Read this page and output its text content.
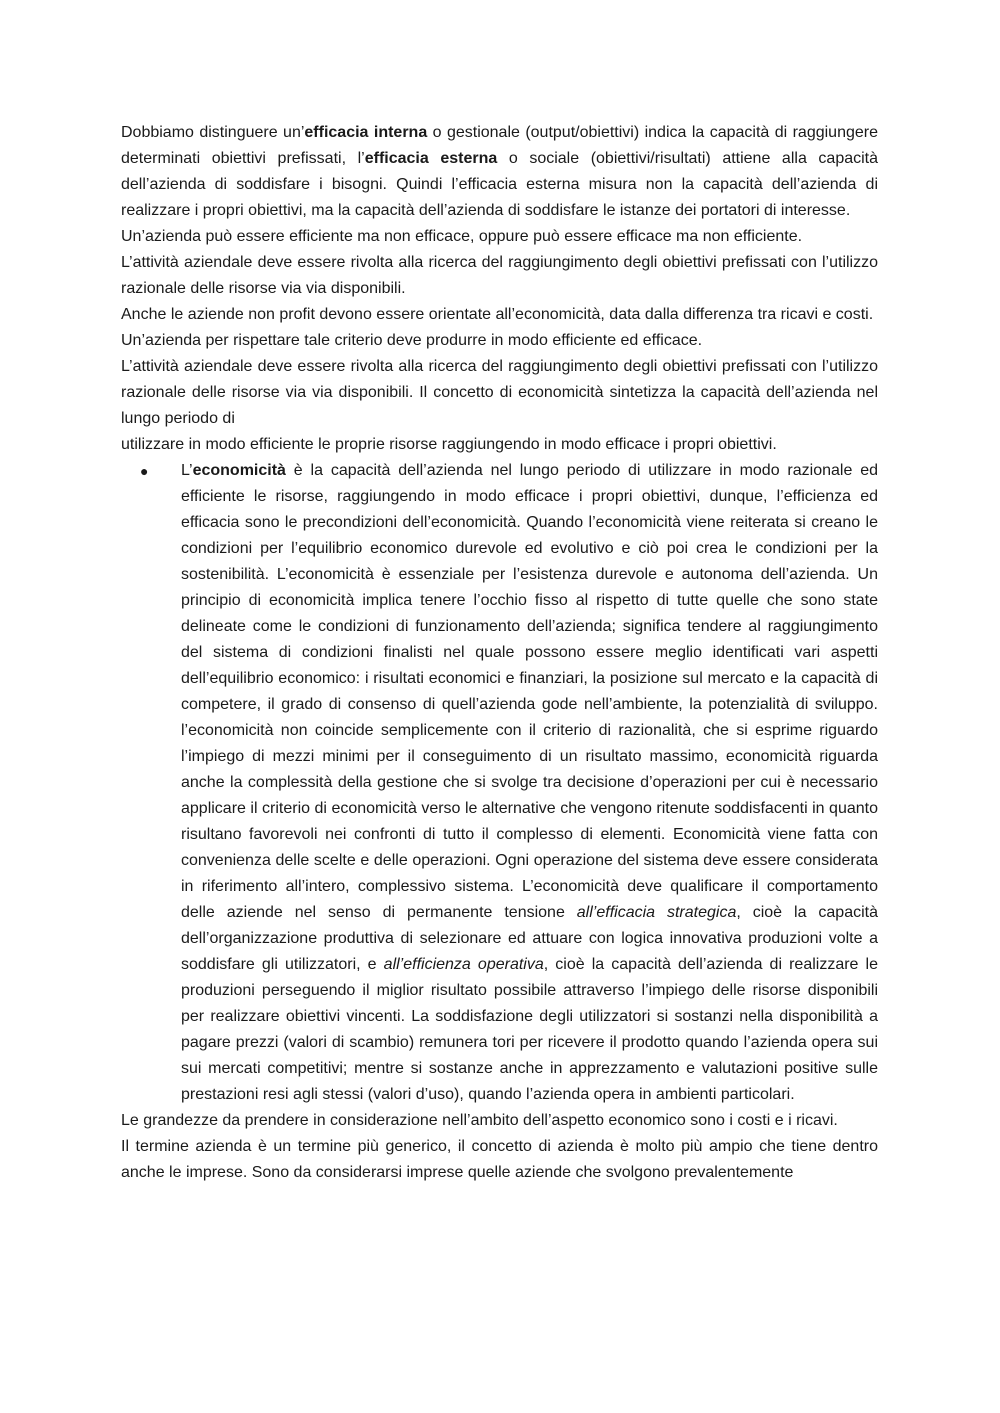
Dobbiamo distinguere un’efficacia interna o gestionale (output/obiettivi) indica la capacità di raggiungere determinati obiettivi prefissati, l’efficacia esterna o sociale (obiettivi/risultati) attiene alla capacità dell’azienda di soddisfare i bisogni. Quindi l’efficacia esterna misura non la capacità dell’azienda di realizzare i propri obiettivi, ma la capacità dell’azienda di soddisfare le istanze dei portatori di interesse.

Un’azienda può essere efficiente ma non efficace, oppure può essere efficace ma non efficiente.

L’attività aziendale deve essere rivolta alla ricerca del raggiungimento degli obiettivi prefissati con l’utilizzo razionale delle risorse via via disponibili.

Anche le aziende non profit devono essere orientate all’economicità, data dalla differenza tra ricavi e costi.

Un’azienda per rispettare tale criterio deve produrre in modo efficiente ed efficace.

L’attività aziendale deve essere rivolta alla ricerca del raggiungimento degli obiettivi prefissati con l’utilizzo razionale delle risorse via via disponibili. Il concetto di economicità sintetizza la capacità dell’azienda nel lungo periodo di

utilizzare in modo efficiente le proprie risorse raggiungendo in modo efficace i propri obiettivi.

● L’economicità è la capacità dell’azienda nel lungo periodo di utilizzare in modo razionale ed efficiente le risorse, raggiungendo in modo efficace i propri obiettivi, dunque, l’efficienza ed efficacia sono le precondizioni dell’economicità. Quando l’economicità viene reiterata si creano le condizioni per l’equilibrio economico durevole ed evolutivo e ciò poi crea le condizioni per la sostenibilità. L’economicità è essenziale per l’esistenza durevole e autonoma dell’azienda. Un principio di economicità implica tenere l’occhio fisso al rispetto di tutte quelle che sono state delineate come le condizioni di funzionamento dell’azienda; significa tendere al raggiungimento del sistema di condizioni finalisti nel quale possono essere meglio identificati vari aspetti dell’equilibrio economico: i risultati economici e finanziari, la posizione sul mercato e la capacità di competere, il grado di consenso di quell’azienda gode nell’ambiente, la potenzialità di sviluppo. l’economicità non coincide semplicemente con il criterio di razionalità, che si esprime riguardo l’impiego di mezzi minimi per il conseguimento di un risultato massimo, economicità riguarda anche la complessità della gestione che si svolge tra decisione d’operazioni per cui è necessario applicare il criterio di economicità verso le alternative che vengono ritenute soddisfacenti in quanto risultano favorevoli nei confronti di tutto il complesso di elementi. Economicità viene fatta con convenienza delle scelte e delle operazioni. Ogni operazione del sistema deve essere considerata in riferimento all’intero, complessivo sistema. L’economicità deve qualificare il comportamento delle aziende nel senso di permanente tensione all’efficacia strategica, cioè la capacità dell’organizzazione produttiva di selezionare ed attuare con logica innovativa produzioni volte a soddisfare gli utilizzatori, e all’efficienza operativa, cioè la capacità dell’azienda di realizzare le produzioni perseguendo il miglior risultato possibile attraverso l’impiego delle risorse disponibili per realizzare obiettivi vincenti. La soddisfazione degli utilizzatori si sostanzi nella disponibilità a pagare prezzi (valori di scambio) remunera tori per ricevere il prodotto quando l’azienda opera sui sui mercati competitivi; mentre si sostanze anche in apprezzamento e valutazioni positive sulle prestazioni resi agli stessi (valori d’uso), quando l’azienda opera in ambienti particolari.

Le grandezze da prendere in considerazione nell’ambito dell’aspetto economico sono i costi e i ricavi.

Il termine azienda è un termine più generico, il concetto di azienda è molto più ampio che tiene dentro anche le imprese. Sono da considerarsi imprese quelle aziende che svolgono prevalentemente
